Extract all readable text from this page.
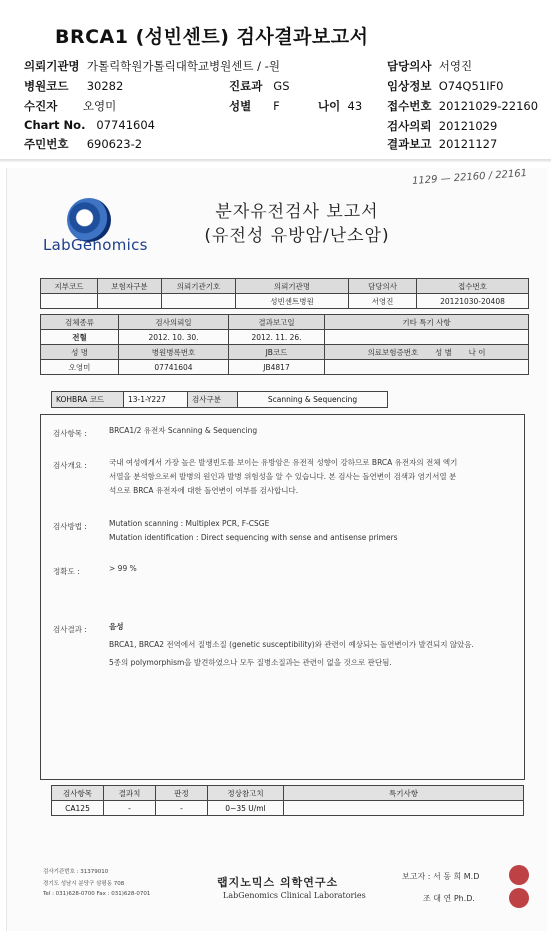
BRCA1 (성빈센트) 검사결과보고서
의뢰기관명 가톨릭학원가톨릭대학교병원센트 / -원	담당의사 서영진
병원코드 30282	진료과 GS	임상정보 O74Q51IF0
수진자 오영미	성별 F	나이 43 접수번호 20121029-22160
Chart No. 07741604	검사의뢰 20121029
주민번호 690623-2	결과보고 20121127
1129 — 22160 / 22161
LabGenomics
분자유전검사 보고서
(유전성 유방암/난소암)
지부코드	보험자구분	의뢰기관기호	의뢰기관명	담당의사	접수번호
			성빈센트병원	서영진	20121030-20408
검체종류	검사의뢰일	결과보고일	기타 특기 사항
전혈	2012. 10. 30.	2012. 11. 26.	
성 명	병원병록번호	JB코드	의료보험증번호 성 별 나 이
오영미	07741604	JB4817	
KOHBRA 코드	13-1-Y227	검사구분	Scanning & Sequencing
검사항목 :	BRCA1/2 유전자 Scanning & Sequencing
검사개요 :	국내 여성에게서 가장 높은 발생빈도를 보이는 유방암은 유전적 성향이 강하므로 BRCA 유전자의 전체 엑기
서열을 분석함으로써 발병의 원인과 발병 위험성을 알 수 있습니다. 본 검사는 돌연변이 검색과 염기서열 분
석으로 BRCA 유전자에 대한 돌연변이 여부를 검사합니다.
검사방법 :	Mutation scanning : Multiplex PCR, F-CSGE
Mutation identification : Direct sequencing with sense and antisense primers
정확도 :	> 99 %
검사결과 :	음성
BRCA1, BRCA2 전역에서 질병소질 (genetic susceptibility)와 관련이 예상되는 돌연변이가 발견되지 않았음.
5종의 polymorphism을 발견하였으나 모두 질병소질과는 관련이 없을 것으로 판단됨.
검사항목	결과치	판정	정상참고치	특기사항
CA125	-	-	0~35 U/ml	
검사기관번호 : 31379010
경기도 성남시 분당구 삼평동 708
Tel : 031)628-0700 Fax : 031)628-0701
랩지노믹스 의학연구소
LabGenomics Clinical Laboratories
보고자 : 서 동 희 M.D
조 대 연 Ph.D.
